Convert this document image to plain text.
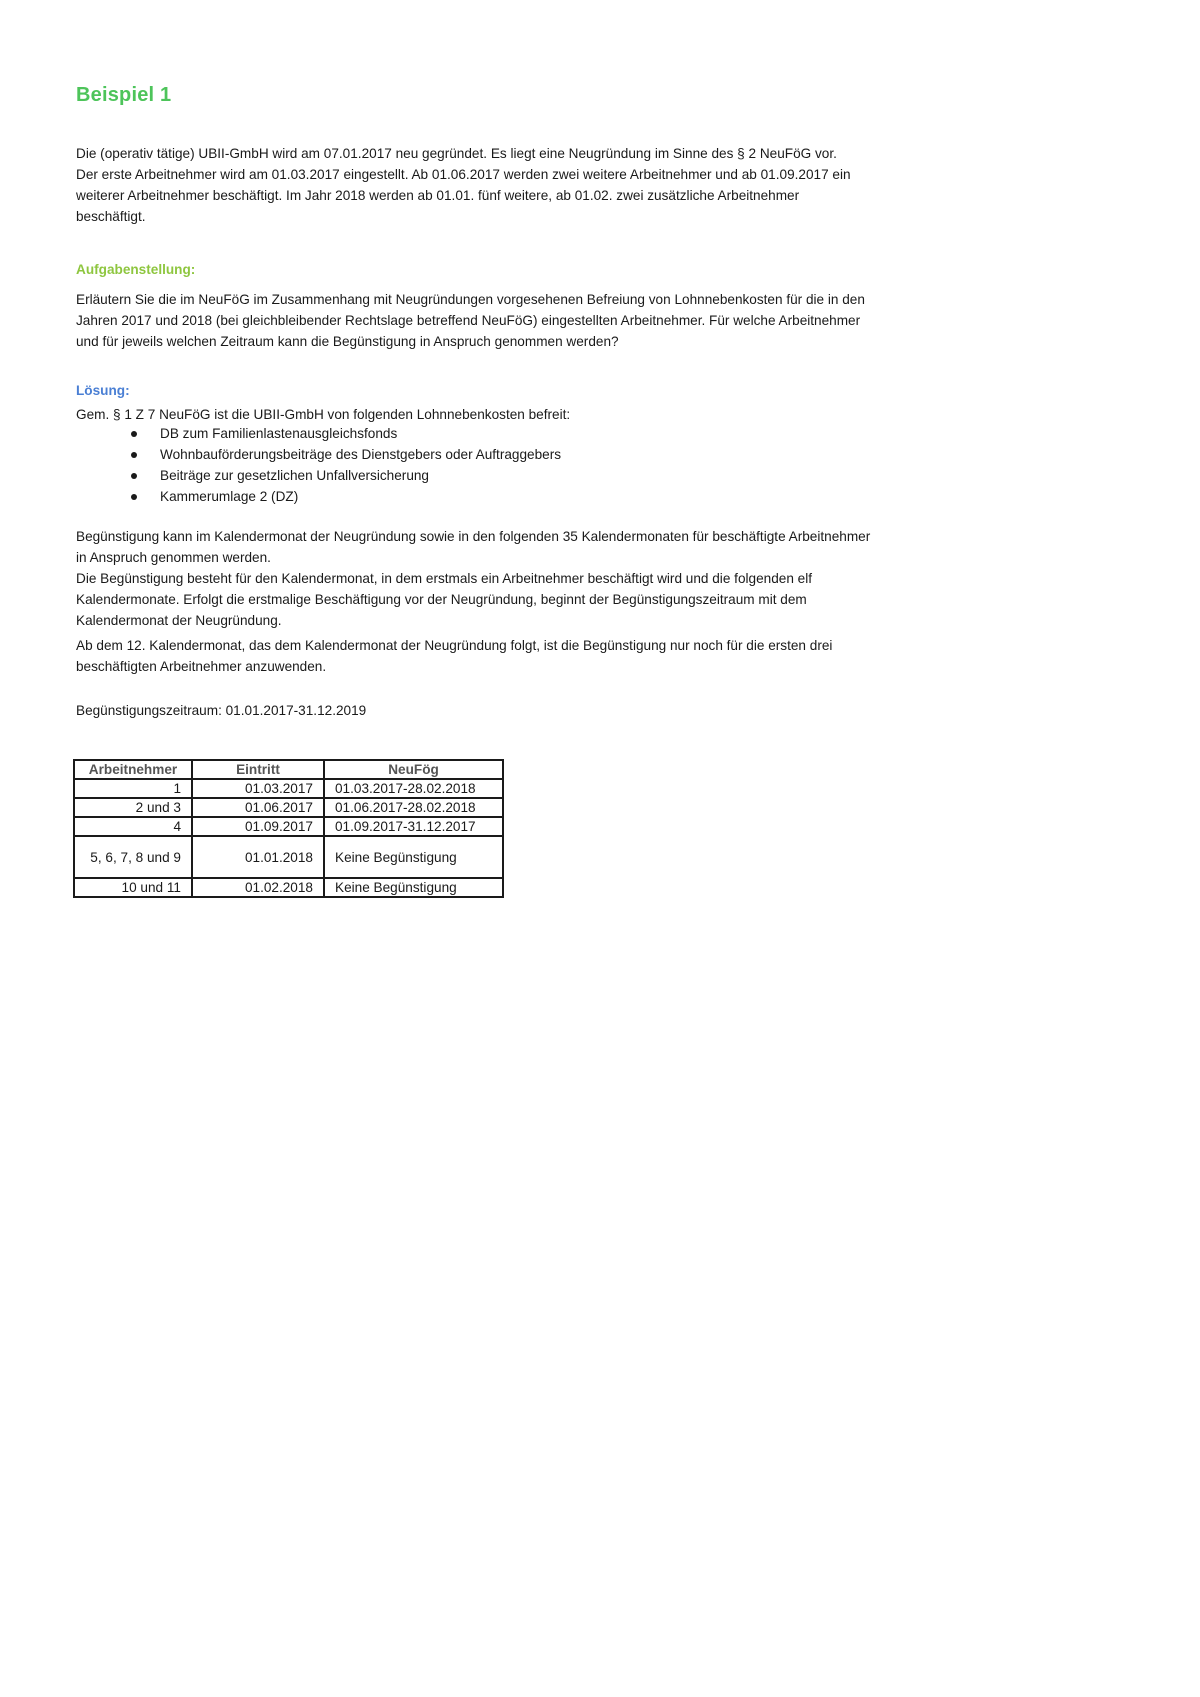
Beispiel 1

Die (operativ tätige) UBII-GmbH wird am 07.01.2017 neu gegründet. Es liegt eine Neugründung im Sinne des § 2 NeuFöG vor. Der erste Arbeitnehmer wird am 01.03.2017 eingestellt. Ab 01.06.2017 werden zwei weitere Arbeitnehmer und ab 01.09.2017 ein weiterer Arbeitnehmer beschäftigt. Im Jahr 2018 werden ab 01.01. fünf weitere, ab 01.02. zwei zusätzliche Arbeitnehmer beschäftigt.

Aufgabenstellung:

Erläutern Sie die im NeuFöG im Zusammenhang mit Neugründungen vorgesehenen Befreiung von Lohnnebenkosten für die in den Jahren 2017 und 2018 (bei gleichbleibender Rechtslage betreffend NeuFöG) eingestellten Arbeitnehmer. Für welche Arbeitnehmer und für jeweils welchen Zeitraum kann die Begünstigung in Anspruch genommen werden?

Lösung:

Gem. § 1 Z 7 NeuFöG ist die UBII-GmbH von folgenden Lohnnebenkosten befreit:

DB zum Familienlastenausgleichsfonds
Wohnbauförderungsbeiträge des Dienstgebers oder Auftraggebers
Beiträge zur gesetzlichen Unfallversicherung
Kammerumlage 2 (DZ)

Begünstigung kann im Kalendermonat der Neugründung sowie in den folgenden 35 Kalendermonaten für beschäftigte Arbeitnehmer in Anspruch genommen werden.

Die Begünstigung besteht für den Kalendermonat, in dem erstmals ein Arbeitnehmer beschäftigt wird und die folgenden elf Kalendermonate. Erfolgt die erstmalige Beschäftigung vor der Neugründung, beginnt der Begünstigungszeitraum mit dem Kalendermonat der Neugründung.

Ab dem 12. Kalendermonat, das dem Kalendermonat der Neugründung folgt, ist die Begünstigung nur noch für die ersten drei beschäftigten Arbeitnehmer anzuwenden.

Begünstigungszeitraum: 01.01.2017-31.12.2019

Arbeitnehmer	Eintritt	NeuFög
1	01.03.2017	01.03.2017-28.02.2018
2 und 3	01.06.2017	01.06.2017-28.02.2018
4	01.09.2017	01.09.2017-31.12.2017
5, 6, 7, 8 und 9	01.01.2018	Keine Begünstigung
10 und 11	01.02.2018	Keine Begünstigung
